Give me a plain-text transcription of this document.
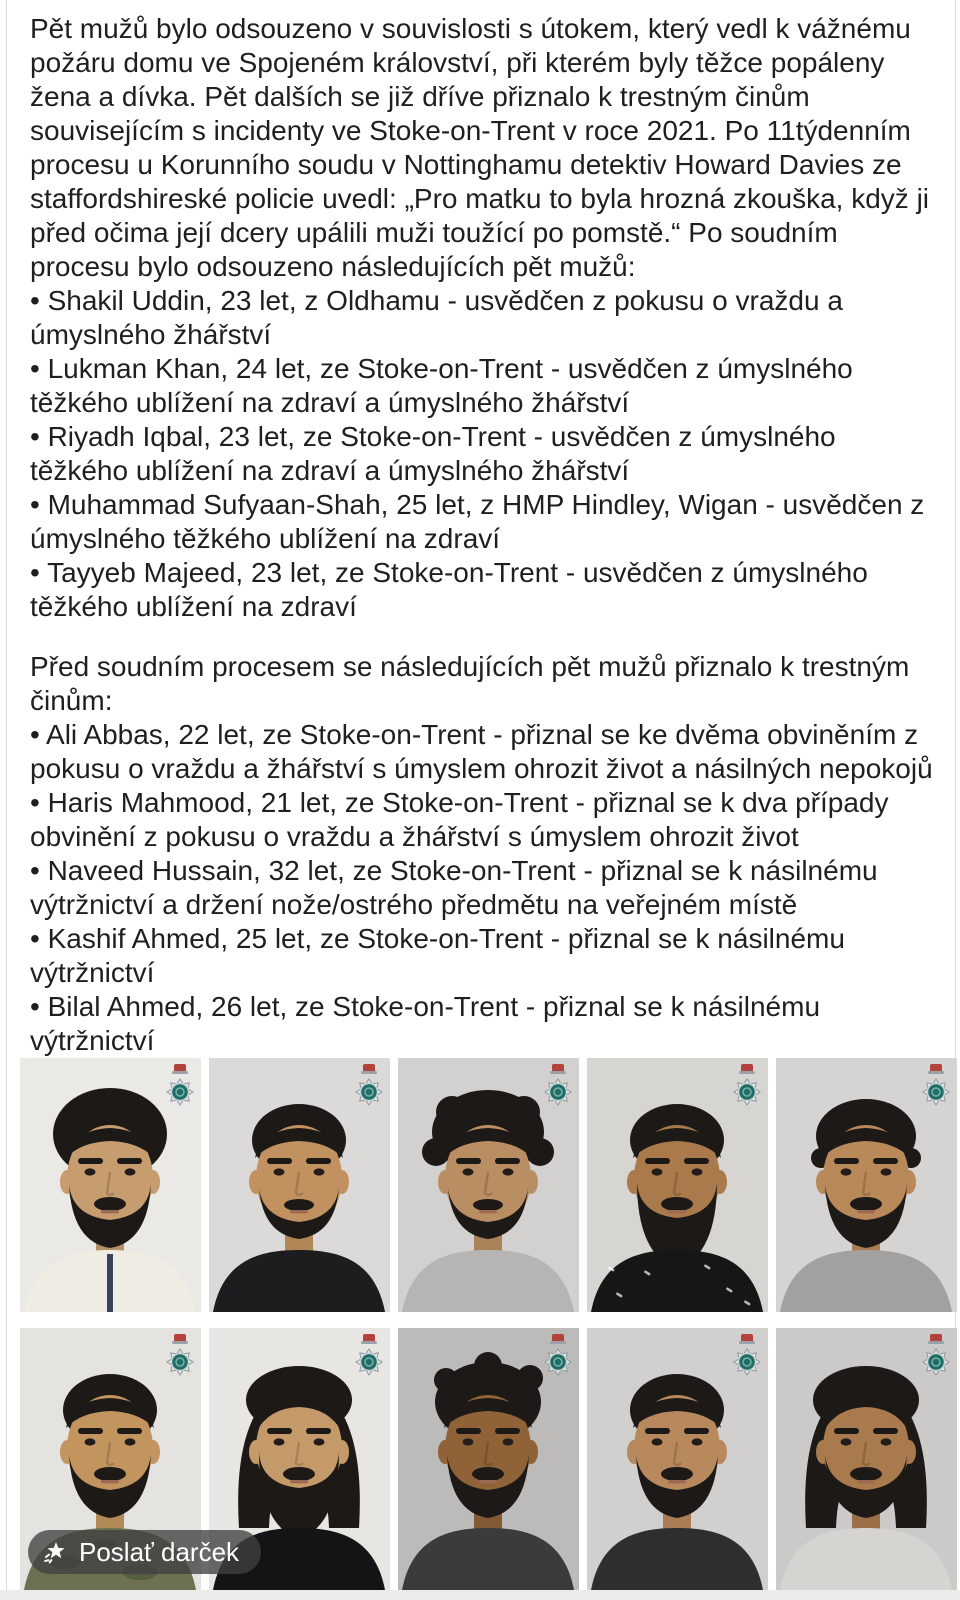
Pět mužů bylo odsouzeno v souvislosti s útokem, který vedl k vážnému požáru domu ve Spojeném království, při kterém byly těžce popáleny žena a dívka. Pět dalších se již dříve přiznalo k trestným činům souvisejícím s incidenty ve Stoke-on-Trent v roce 2021. Po 11týdenním procesu u Korunního soudu v Nottinghamu detektiv Howard Davies ze staffordshireské policie uvedl: „Pro matku to byla hrozná zkouška, když ji před očima její dcery upálili muži toužící po pomstě.“ Po soudním procesu bylo odsouzeno následujících pět mužů:

• Shakil Uddin, 23 let, z Oldhamu - usvědčen z pokusu o vraždu a úmyslného žhářství

• Lukman Khan, 24 let, ze Stoke-on-Trent - usvědčen z úmyslného těžkého ublížení na zdraví a úmyslného žhářství

• Riyadh Iqbal, 23 let, ze Stoke-on-Trent - usvědčen z úmyslného těžkého ublížení na zdraví a úmyslného žhářství

• Muhammad Sufyaan-Shah, 25 let, z HMP Hindley, Wigan - usvědčen z úmyslného těžkého ublížení na zdraví

• Tayyeb Majeed, 23 let, ze Stoke-on-Trent - usvědčen z úmyslného těžkého ublížení na zdraví

Před soudním procesem se následujících pět mužů přiznalo k trestným činům:

• Ali Abbas, 22 let, ze Stoke-on-Trent - přiznal se ke dvěma obviněním z pokusu o vraždu a žhářství s úmyslem ohrozit život a násilných nepokojů

• Haris Mahmood, 21 let, ze Stoke-on-Trent - přiznal se k dva případy obvinění z pokusu o vraždu a žhářství s úmyslem ohrozit život

• Naveed Hussain, 32 let, ze Stoke-on-Trent - přiznal se k násilnému výtržnictví a držení nože/ostrého předmětu na veřejném místě

• Kashif Ahmed, 25 let, ze Stoke-on-Trent - přiznal se k násilnému výtržnictví

• Bilal Ahmed, 26 let, ze Stoke-on-Trent - přiznal se k násilnému výtržnictví

Poslať darček
